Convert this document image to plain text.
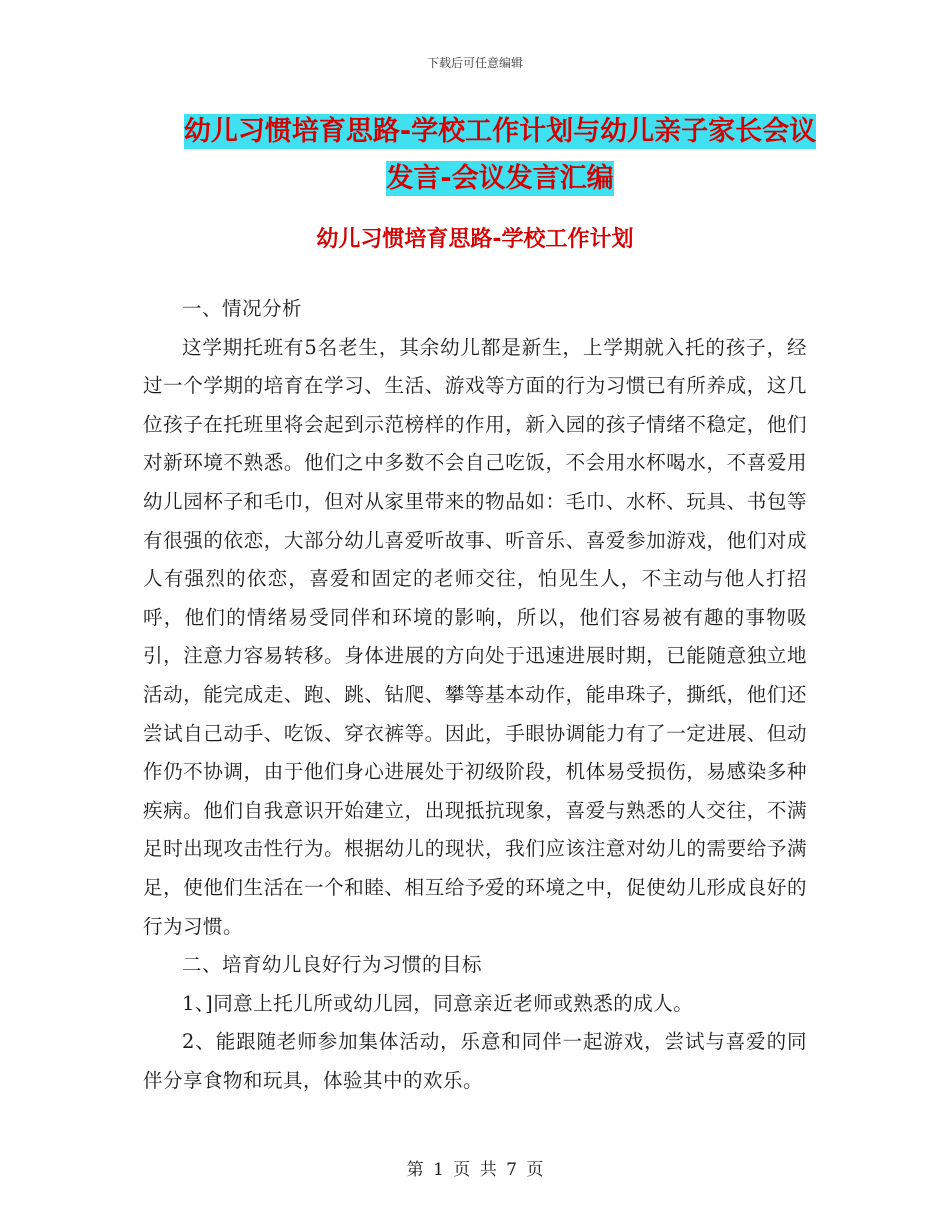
下载后可任意编辑
幼儿习惯培育思路-学校工作计划与幼儿亲子家长会议
发言-会议发言汇编
幼儿习惯培育思路-学校工作计划

一、情况分析

这学期托班有5名老生，其余幼儿都是新生，上学期就入托的孩子，经过一个学期的培育在学习、生活、游戏等方面的行为习惯已有所养成，这几位孩子在托班里将会起到示范榜样的作用，新入园的孩子情绪不稳定，他们对新环境不熟悉。他们之中多数不会自己吃饭，不会用水杯喝水，不喜爱用幼儿园杯子和毛巾，但对从家里带来的物品如：毛巾、水杯、玩具、书包等有很强的依恋，大部分幼儿喜爱听故事、听音乐、喜爱参加游戏，他们对成人有强烈的依恋，喜爱和固定的老师交往，怕见生人，不主动与他人打招呼，他们的情绪易受同伴和环境的影响，所以，他们容易被有趣的事物吸引，注意力容易转移。身体进展的方向处于迅速进展时期，已能随意独立地活动，能完成走、跑、跳、钻爬、攀等基本动作，能串珠子，撕纸，他们还尝试自己动手、吃饭、穿衣裤等。因此，手眼协调能力有了一定进展、但动作仍不协调，由于他们身心进展处于初级阶段，机体易受损伤，易感染多种疾病。他们自我意识开始建立，出现抵抗现象，喜爱与熟悉的人交往，不满足时出现攻击性行为。根据幼儿的现状，我们应该注意对幼儿的需要给予满足，使他们生活在一个和睦、相互给予爱的环境之中，促使幼儿形成良好的行为习惯。

二、培育幼儿良好行为习惯的目标

1、]同意上托儿所或幼儿园，同意亲近老师或熟悉的成人。

2、能跟随老师参加集体活动，乐意和同伴一起游戏，尝试与喜爱的同伴分享食物和玩具，体验其中的欢乐。

第 1 页 共 7 页
